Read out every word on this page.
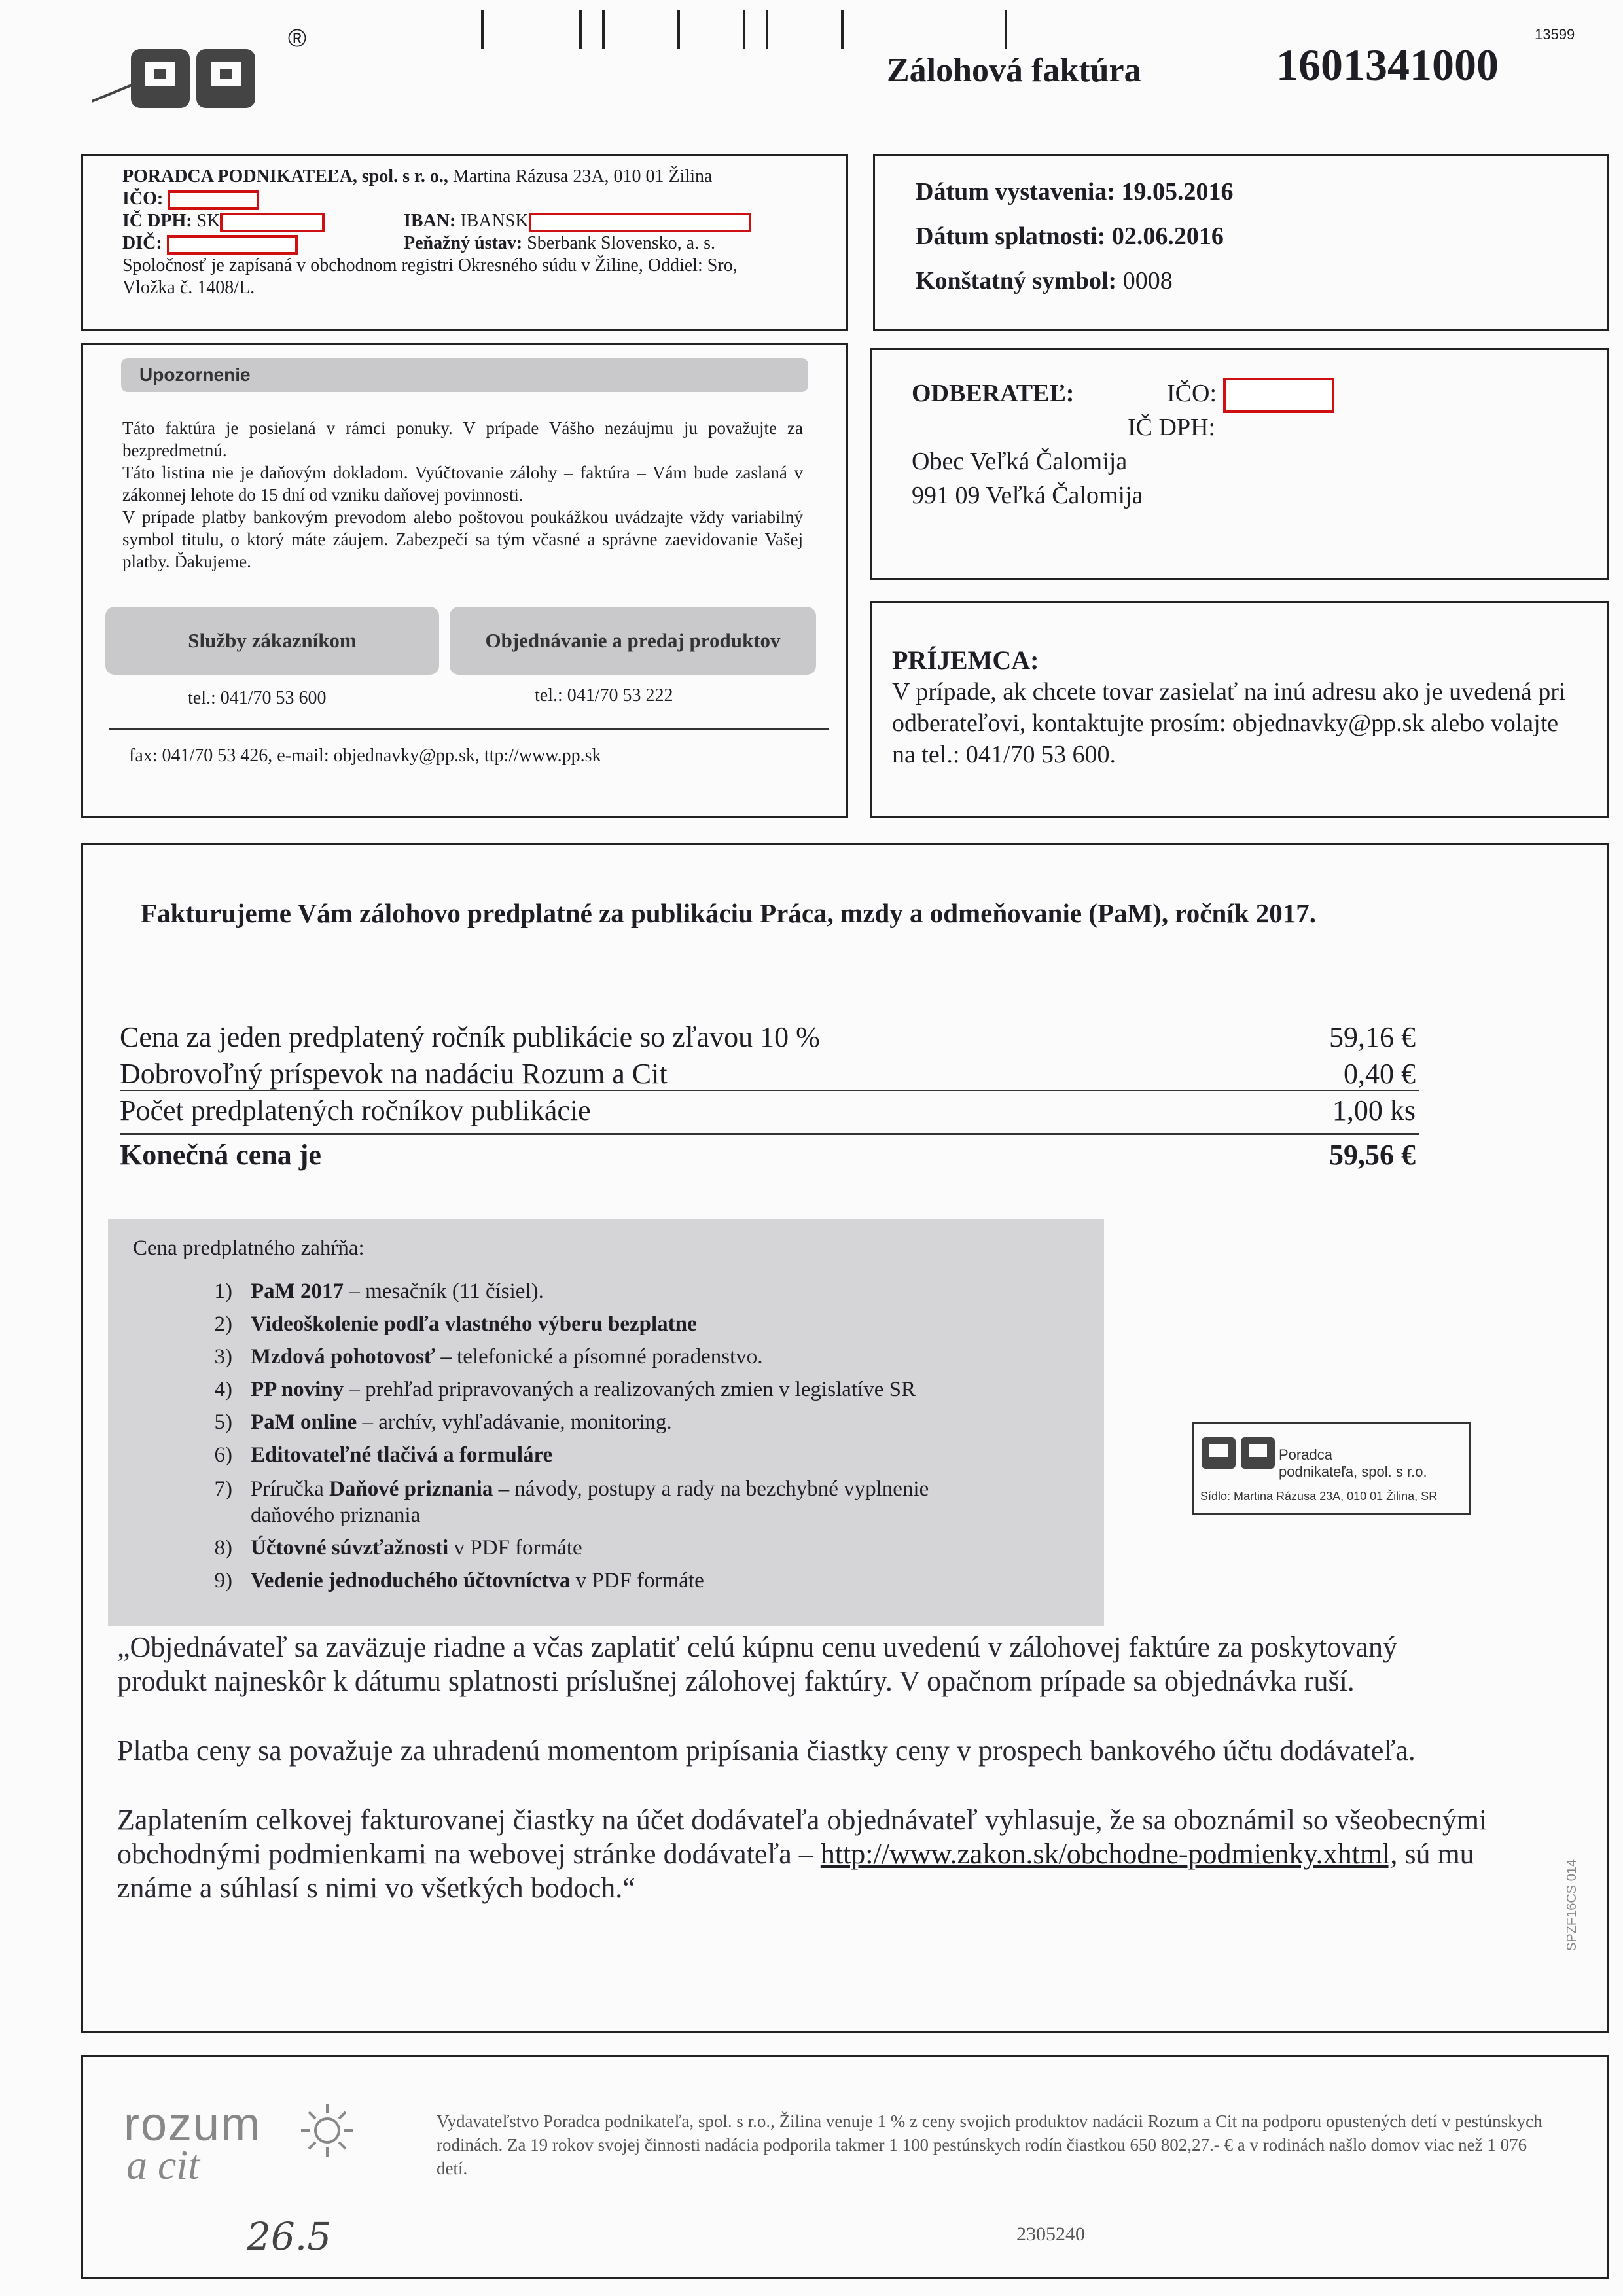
®
Zálohová faktúra	1601341000
13599
PORADCA PODNIKATEĽA, spol. s r. o., Martina Rázusa 23A, 010 01 Žilina
IČO:
IČ DPH: SK	IBAN: IBANSK
DIČ:	Peňažný ústav: Sberbank Slovensko, a. s.
Spoločnosť je zapísaná v obchodnom registri Okresného súdu v Žiline, Oddiel: Sro, Vložka č. 1408/L.
Dátum vystavenia: 19.05.2016
Dátum splatnosti: 02.06.2016
Konštatný symbol: 0008
Upozornenie
Táto faktúra je posielaná v rámci ponuky. V prípade Vášho nezáujmu ju považujte za bezpredmetnú.
Táto listina nie je daňovým dokladom. Vyúčtovanie zálohy – faktúra – Vám bude zaslaná v zákonnej lehote do 15 dní od vzniku daňovej povinnosti.
V prípade platby bankovým prevodom alebo poštovou poukážkou uvádzajte vždy variabilný symbol titulu, o ktorý máte záujem. Zabezpečí sa tým včasné a správne zaevidovanie Vašej platby. Ďakujeme.
Služby zákazníkom	Objednávanie a predaj produktov
tel.: 041/70 53 600	tel.: 041/70 53 222
fax: 041/70 53 426, e-mail: objednavky@pp.sk, ttp://www.pp.sk
ODBERATEĽ:	IČO:
IČ DPH:
Obec Veľká Čalomija
991 09 Veľká Čalomija
PRÍJEMCA:
V prípade, ak chcete tovar zasielať na inú adresu ako je uvedená pri odberateľovi, kontaktujte prosím: objednavky@pp.sk alebo volajte na tel.: 041/70 53 600.
Fakturujeme Vám zálohovo predplatné za publikáciu Práca, mzdy a odmeňovanie (PaM), ročník 2017.
Cena za jeden predplatený ročník publikácie so zľavou 10 %	59,16 €
Dobrovoľný príspevok na nadáciu Rozum a Cit	0,40 €
Počet predplatených ročníkov publikácie	1,00 ks
Konečná cena je	59,56 €
Cena predplatného zahŕňa:
1) PaM 2017 – mesačník (11 čísiel).
2) Videoškolenie podľa vlastného výberu bezplatne
3) Mzdová pohotovosť – telefonické a písomné poradenstvo.
4) PP noviny – prehľad pripravovaných a realizovaných zmien v legislatíve SR
5) PaM online – archív, vyhľadávanie, monitoring.
6) Editovateľné tlačivá a formuláre
7) Príručka Daňové priznania – návody, postupy a rady na bezchybné vyplnenie
daňového priznania
8) Účtovné súvzťažnosti v PDF formáte
9) Vedenie jednoduchého účtovníctva v PDF formáte
Poradca
podnikateľa, spol. s r.o.
Sídlo: Martina Rázusa 23A, 010 01 Žilina, SR
„Objednávateľ sa zaväzuje riadne a včas zaplatiť celú kúpnu cenu uvedenú v zálohovej faktúre za poskytovaný produkt najneskôr k dátumu splatnosti príslušnej zálohovej faktúry. V opačnom prípade sa objednávka ruší.
Platba ceny sa považuje za uhradenú momentom pripísania čiastky ceny v prospech bankového účtu dodávateľa.
Zaplatením celkovej fakturovanej čiastky na účet dodávateľa objednávateľ vyhlasuje, že sa oboznámil so všeobecnými obchodnými podmienkami na webovej stránke dodávateľa – http://www.zakon.sk/obchodne-podmienky.xhtml, sú mu známe a súhlasí s nimi vo všetkých bodoch.“	SPZF16CS 014
rozum
a cit
Vydavateľstvo Poradca podnikateľa, spol. s r.o., Žilina venuje 1 % z ceny svojich produktov nadácii Rozum a Cit na podporu opustených detí v pestúnskych rodinách. Za 19 rokov svojej činnosti nadácia podporila takmer 1 100 pestúnskych rodín čiastkou 650 802,27.- € a v rodinách našlo domov viac než 1 076 detí.
26.5	2305240
